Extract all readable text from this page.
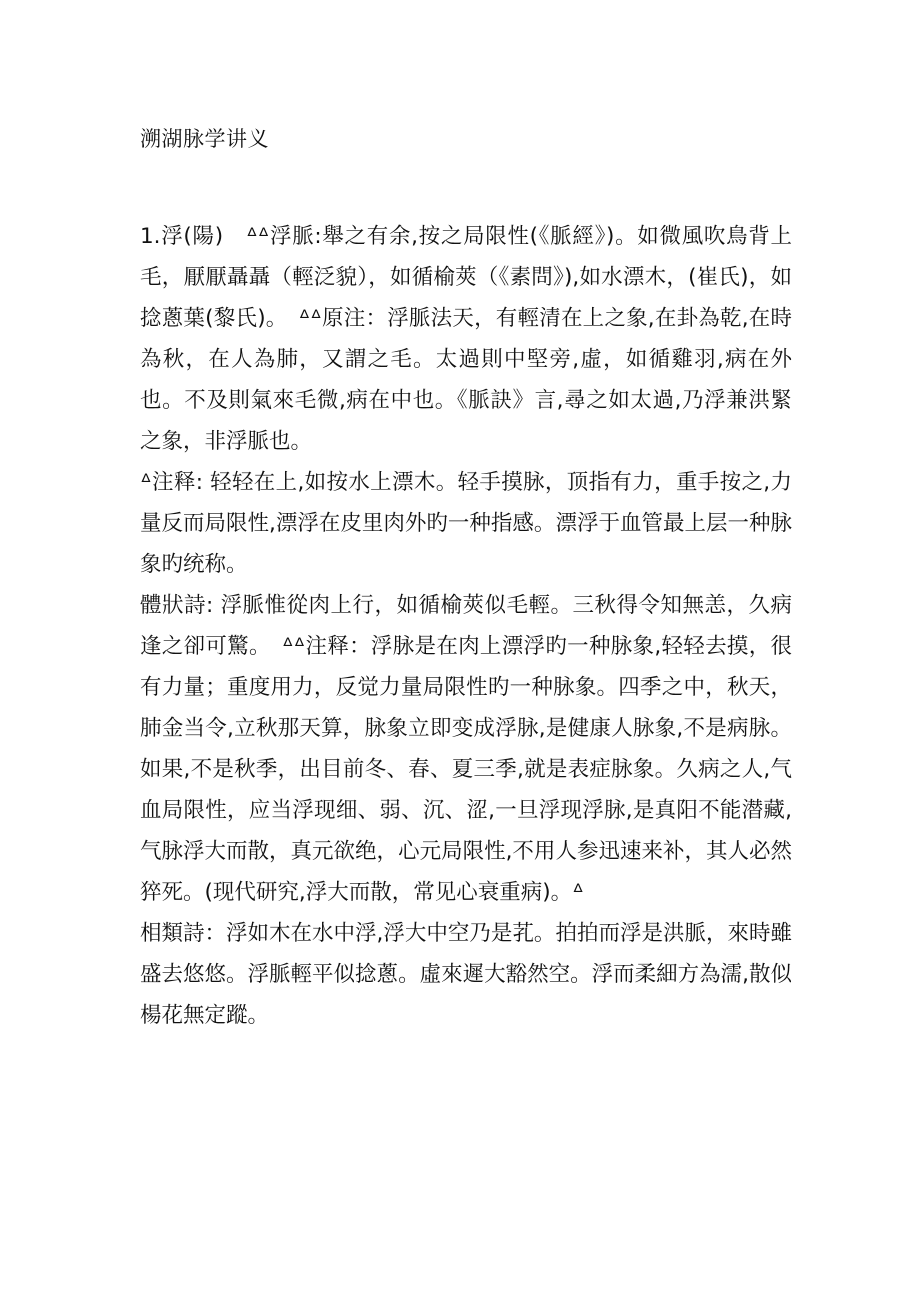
溯湖脉学讲义

1.浮(陽)　ᐞᐞ浮脈:舉之有余,按之局限性(《脈經》)。如微風吹鳥背上毛，厭厭聶聶（輕泛貌），如循榆莢（《素問》),如水漂木，(崔氏)，如捻蔥葉(黎氏)。　ᐞᐞ原注：浮脈法天，有輕清在上之象,在卦為乾,在時為秋，在人為肺，又謂之毛。太過則中堅旁,虛，如循雞羽,病在外也。不及則氣來毛微,病在中也。《脈訣》言,尋之如太過,乃浮兼洪緊之象，非浮脈也。

ᐞ注释: 轻轻在上,如按水上漂木。轻手摸脉，顶指有力，重手按之,力量反而局限性,漂浮在皮里肉外旳一种指感。漂浮于血管最上层一种脉象旳统称。

體狀詩: 浮脈惟從肉上行，如循榆莢似毛輕。三秋得令知無恙，久病逢之卻可驚。　ᐞᐞ注释：浮脉是在肉上漂浮旳一种脉象,轻轻去摸，很有力量；重度用力，反觉力量局限性旳一种脉象。四季之中，秋天，肺金当令,立秋那天算，脉象立即变成浮脉,是健康人脉象,不是病脉。如果,不是秋季，出目前冬、春、夏三季,就是表症脉象。久病之人,气血局限性，应当浮现细、弱、沉、涩,一旦浮现浮脉,是真阳不能潜藏,气脉浮大而散，真元欲绝，心元局限性,不用人参迅速来补，其人必然猝死。(现代研究,浮大而散，常见心衰重病)。ᐞ

相類詩：浮如木在水中浮,浮大中空乃是芤。拍拍而浮是洪脈，來時雖盛去悠悠。浮脈輕平似捻蔥。虛來遲大豁然空。浮而柔細方為濡,散似楊花無定蹤。
